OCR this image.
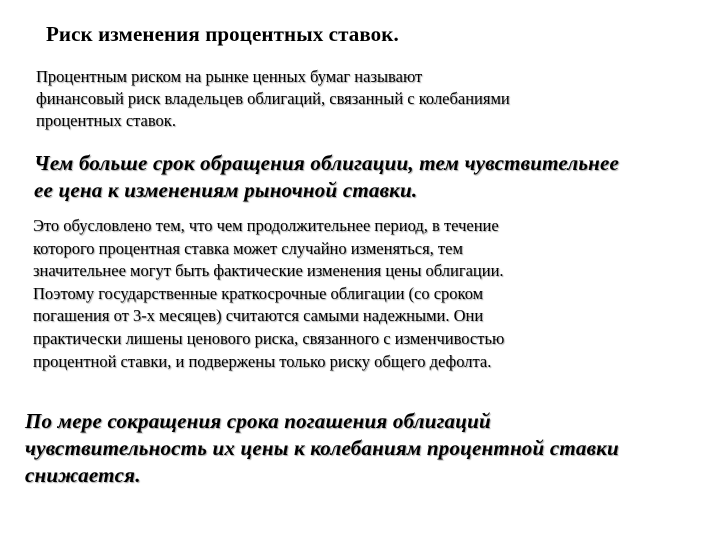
Риск изменения процентных ставок.

Процентным риском на рынке ценных бумаг называют
финансовый риск владельцев облигаций, связанный с колебаниями
процентных ставок.

Чем больше срок обращения облигации, тем чувствительнее
ее цена к изменениям рыночной ставки.

Это обусловлено тем, что чем продолжительнее период, в течение
которого процентная ставка может случайно изменяться, тем
значительнее могут быть фактические изменения цены облигации.
Поэтому государственные краткосрочные облигации (со сроком
погашения от 3-х месяцев) считаются самыми надежными. Они
практически лишены ценового риска, связанного с изменчивостью
процентной ставки, и подвержены только риску общего дефолта.

По мере сокращения срока погашения облигаций
чувствительность их цены к колебаниям процентной ставки
снижается.
